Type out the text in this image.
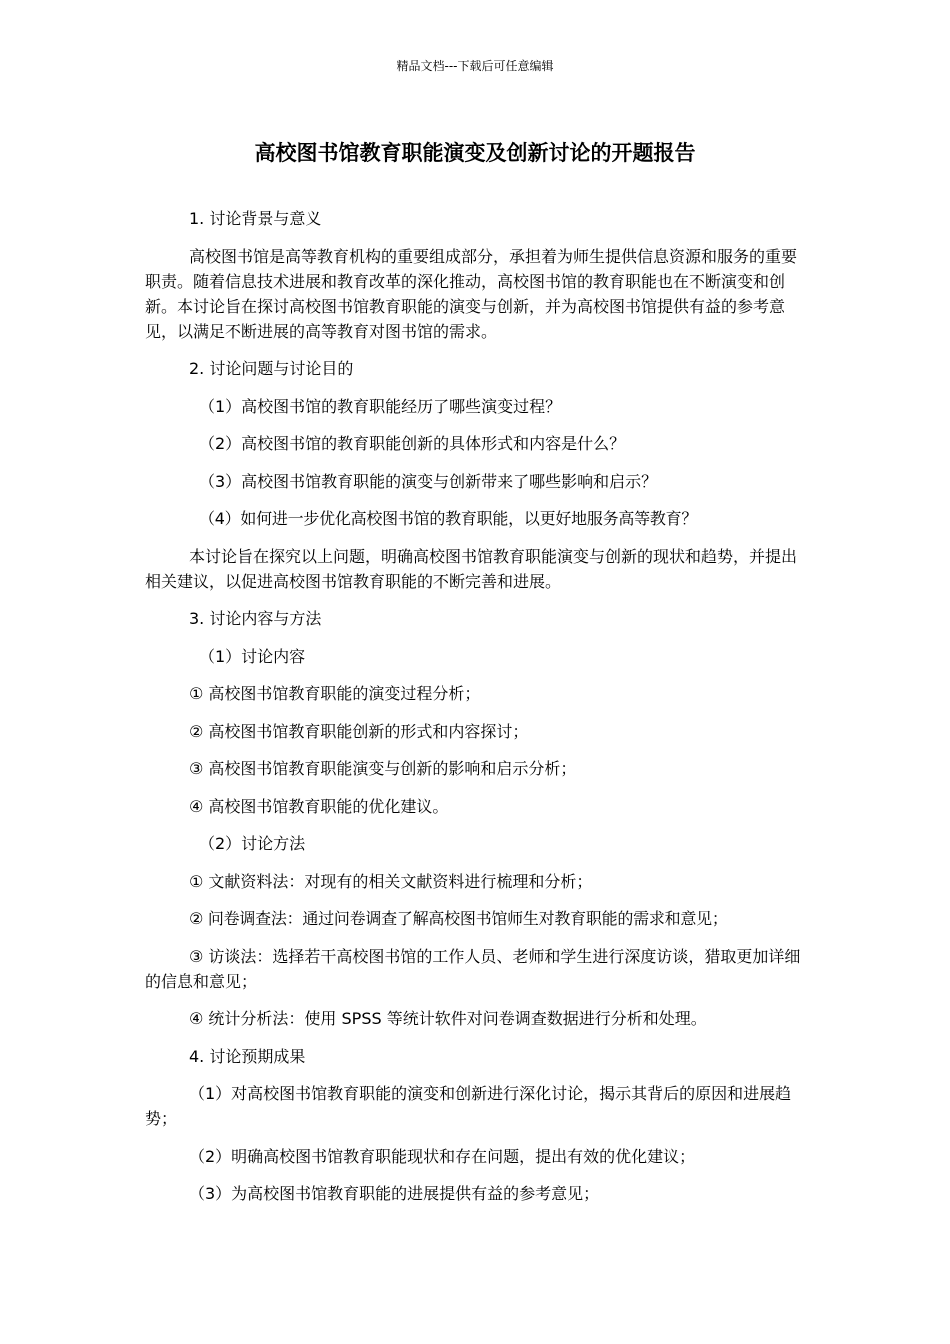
精品文档---下载后可任意编辑
高校图书馆教育职能演变及创新讨论的开题报告

1. 讨论背景与意义

高校图书馆是高等教育机构的重要组成部分，承担着为师生提供信息资源和服务的重要职责。随着信息技术进展和教育改革的深化推动，高校图书馆的教育职能也在不断演变和创新。本讨论旨在探讨高校图书馆教育职能的演变与创新，并为高校图书馆提供有益的参考意见，以满足不断进展的高等教育对图书馆的需求。

2. 讨论问题与讨论目的

（1）高校图书馆的教育职能经历了哪些演变过程？

（2）高校图书馆的教育职能创新的具体形式和内容是什么？

（3）高校图书馆教育职能的演变与创新带来了哪些影响和启示？

（4）如何进一步优化高校图书馆的教育职能，以更好地服务高等教育？

本讨论旨在探究以上问题，明确高校图书馆教育职能演变与创新的现状和趋势，并提出相关建议，以促进高校图书馆教育职能的不断完善和进展。

3. 讨论内容与方法

（1）讨论内容

① 高校图书馆教育职能的演变过程分析；

② 高校图书馆教育职能创新的形式和内容探讨；

③ 高校图书馆教育职能演变与创新的影响和启示分析；

④ 高校图书馆教育职能的优化建议。

（2）讨论方法

① 文献资料法：对现有的相关文献资料进行梳理和分析；

② 问卷调查法：通过问卷调查了解高校图书馆师生对教育职能的需求和意见；

③ 访谈法：选择若干高校图书馆的工作人员、老师和学生进行深度访谈，猎取更加详细的信息和意见；

④ 统计分析法：使用 SPSS 等统计软件对问卷调查数据进行分析和处理。

4. 讨论预期成果

（1）对高校图书馆教育职能的演变和创新进行深化讨论，揭示其背后的原因和进展趋势；

（2）明确高校图书馆教育职能现状和存在问题，提出有效的优化建议；

（3）为高校图书馆教育职能的进展提供有益的参考意见；
